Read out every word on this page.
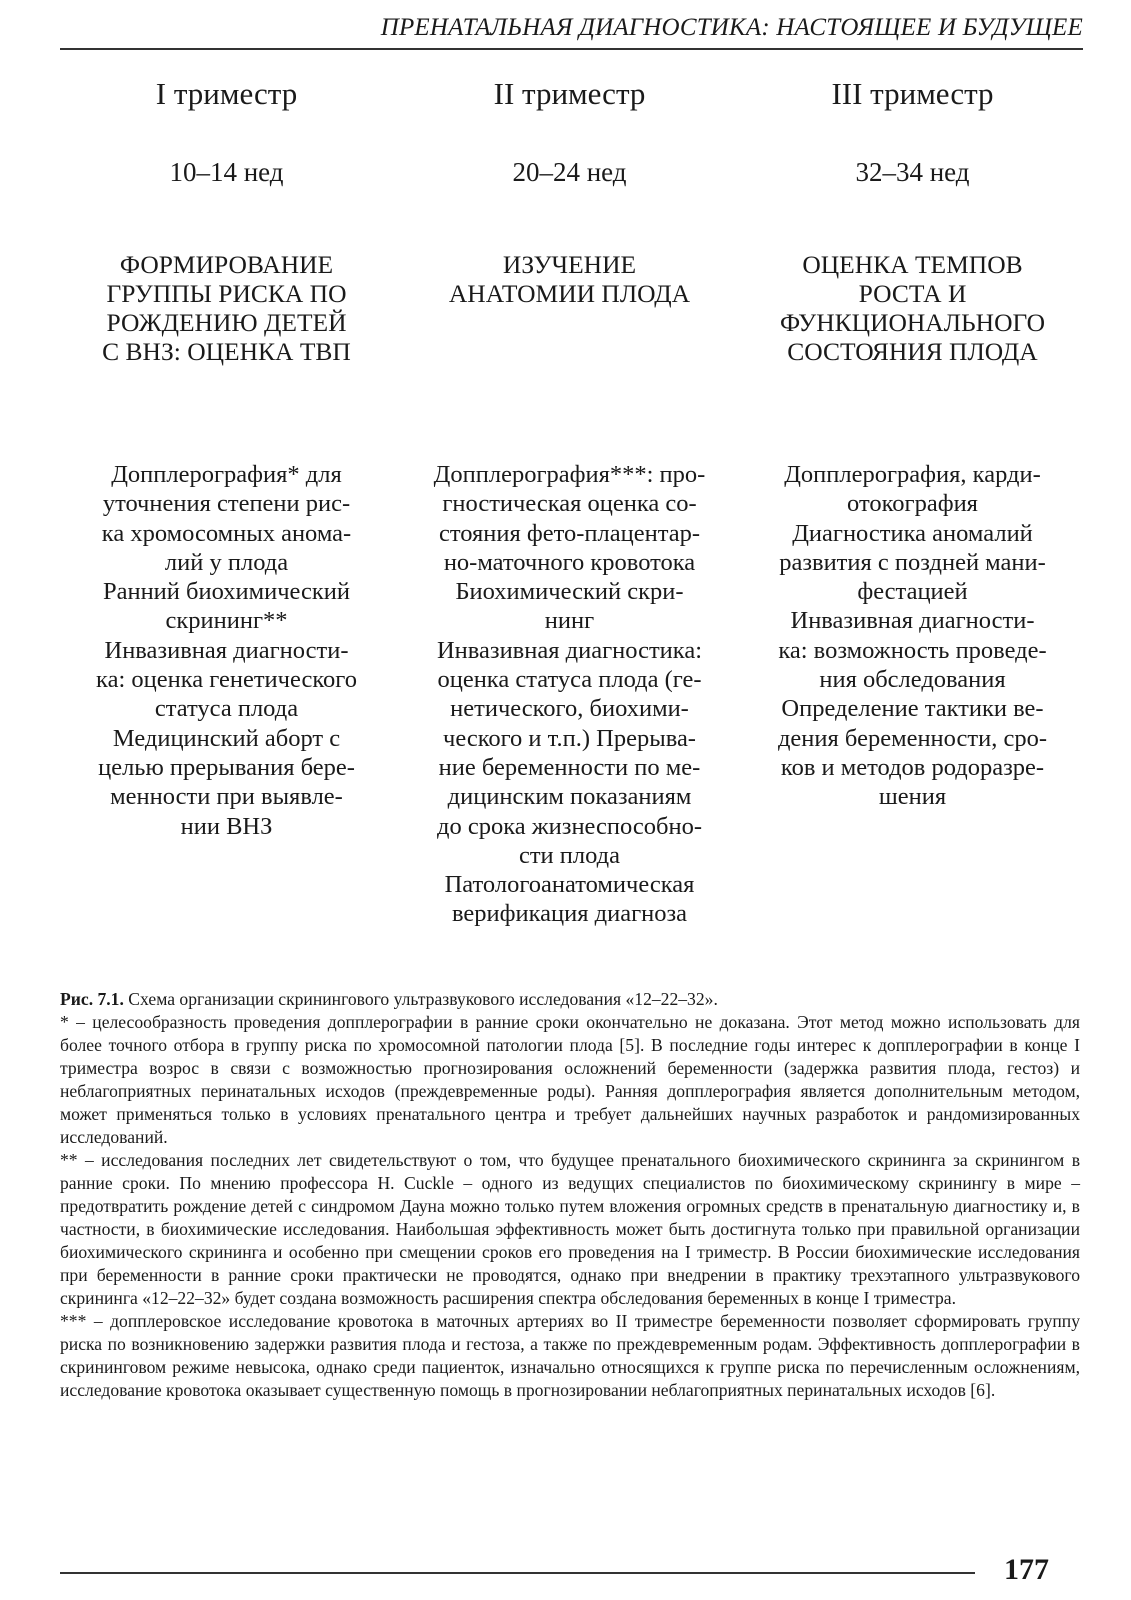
ПРЕНАТАЛЬНАЯ ДИАГНОСТИКА: НАСТОЯЩЕЕ И БУДУЩЕЕ
I триместр
10–14 нед
ФОРМИРОВАНИЕ
ГРУППЫ РИСКА ПО
РОЖДЕНИЮ ДЕТЕЙ
С ВНЗ: ОЦЕНКА ТВП
Допплерография* для
уточнения степени рис-
ка хромосомных анома-
лий у плода
Ранний биохимический
скрининг**
Инвазивная диагности-
ка: оценка генетического
статуса плода
Медицинский аборт с
целью прерывания бере-
менности при выявле-
нии ВНЗ
II триместр
20–24 нед
ИЗУЧЕНИЕ
АНАТОМИИ ПЛОДА
Допплерография***: про-
гностическая оценка со-
стояния фето-плацентар-
но-маточного кровотока
Биохимический скри-
нинг
Инвазивная диагностика:
оценка статуса плода (ге-
нетического, биохими-
ческого и т.п.) Прерыва-
ние беременности по ме-
дицинским показаниям
до срока жизнеспособно-
сти плода
Патологоанатомическая
верификация диагноза
III триместр
32–34 нед
ОЦЕНКА ТЕМПОВ
РОСТА И
ФУНКЦИОНАЛЬНОГО
СОСТОЯНИЯ ПЛОДА
Допплерография, карди-
отокография
Диагностика аномалий
развития с поздней мани-
фестацией
Инвазивная диагности-
ка: возможность проведе-
ния обследования
Определение тактики ве-
дения беременности, сро-
ков и методов родоразре-
шения

Рис. 7.1. Схема организации скринингового ультразвукового исследования «12–22–32».

* – целесообразность проведения допплерографии в ранние сроки окончательно не доказана. Этот метод можно использовать для более точного отбора в группу риска по хромосомной патологии плода [5]. В последние годы интерес к допплерографии в конце I триместра возрос в связи с возможностью прогнозирования осложнений беременности (задержка развития плода, гестоз) и неблагоприятных перинатальных исходов (преждевременные роды). Ранняя допплерография является дополнительным методом, может применяться только в условиях пренатального центра и требует дальнейших научных разработок и рандомизированных исследований.

** – исследования последних лет свидетельствуют о том, что будущее пренатального биохимического скрининга за скринингом в ранние сроки. По мнению профессора H. Cuckle – одного из ведущих специалистов по биохимическому скринингу в мире – предотвратить рождение детей с синдромом Дауна можно только путем вложения огромных средств в пренатальную диагностику и, в частности, в биохимические исследования. Наибольшая эффективность может быть достигнута только при правильной организации биохимического скрининга и особенно при смещении сроков его проведения на I триместр. В России биохимические исследования при беременности в ранние сроки практически не проводятся, однако при внедрении в практику трехэтапного ультразвукового скрининга «12–22–32» будет создана возможность расширения спектра обследования беременных в конце I триместра.

*** – допплеровское исследование кровотока в маточных артериях во II триместре беременности позволяет сформировать группу риска по возникновению задержки развития плода и гестоза, а также по преждевременным родам. Эффективность допплерографии в скрининговом режиме невысока, однако среди пациенток, изначально относящихся к группе риска по перечисленным осложнениям, исследование кровотока оказывает существенную помощь в прогнозировании неблагоприятных перинатальных исходов [6].

177
